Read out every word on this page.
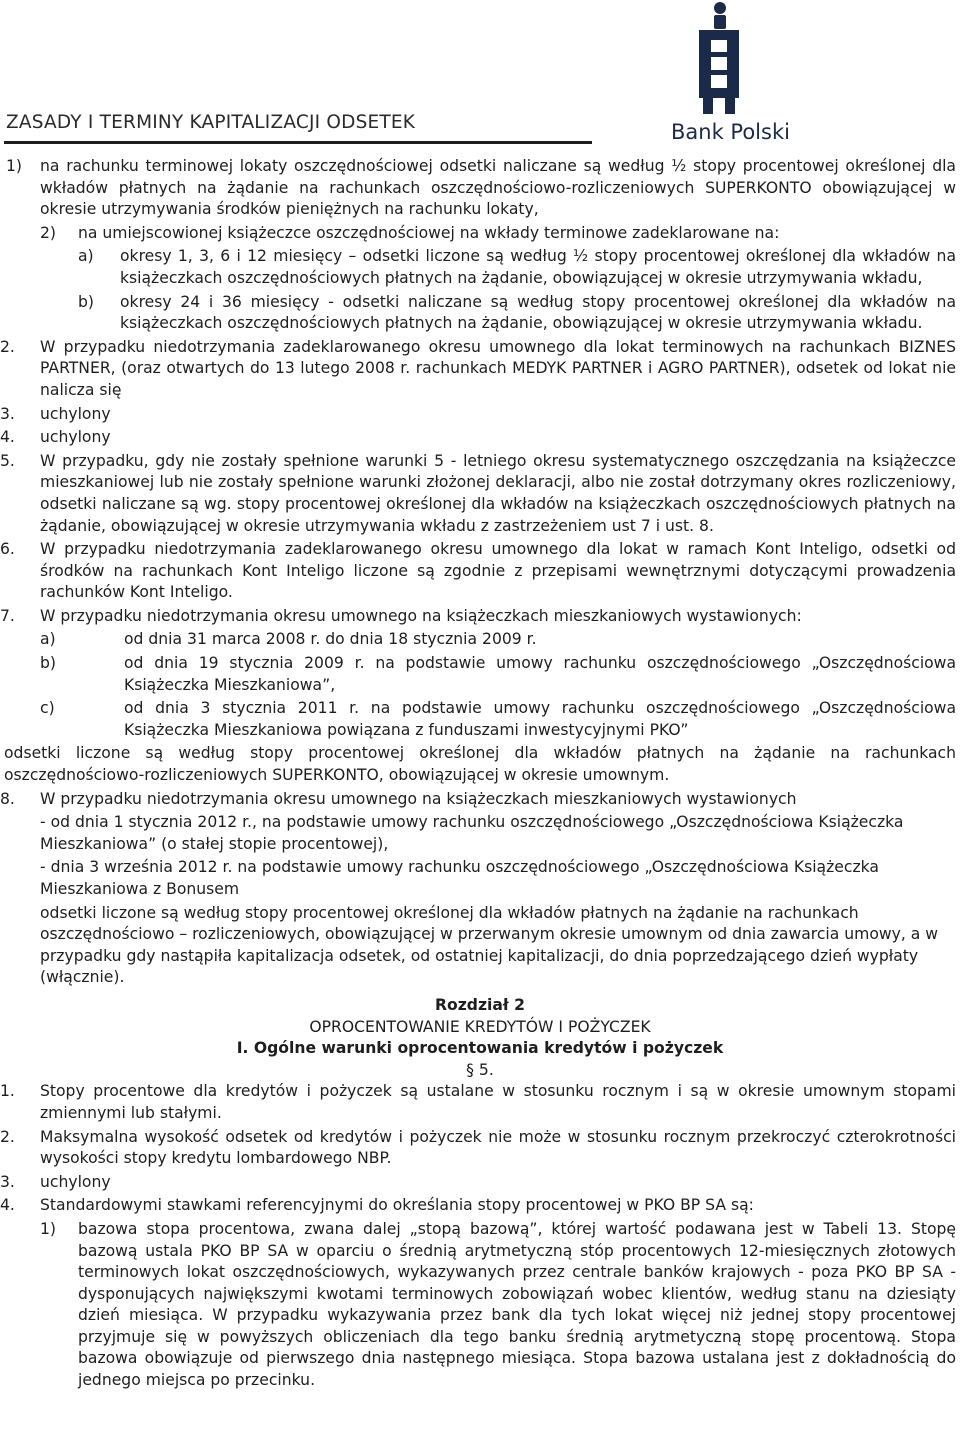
ZASADY I TERMINY KAPITALIZACJI ODSETEK	Bank Polski
1) na rachunku terminowej lokaty oszczędnościowej odsetki naliczane są według ½ stopy procentowej określonej dla wkładów płatnych na żądanie na rachunkach oszczędnościowo-rozliczeniowych SUPERKONTO obowiązującej w okresie utrzymywania środków pieniężnych na rachunku lokaty,
2) na umiejscowionej książeczce oszczędnościowej na wkłady terminowe zadeklarowane na:
a) okresy 1, 3, 6 i 12 miesięcy – odsetki liczone są według ½ stopy procentowej określonej dla wkładów na książeczkach oszczędnościowych płatnych na żądanie, obowiązującej w okresie utrzymywania wkładu,
b) okresy 24 i 36 miesięcy - odsetki naliczane są według stopy procentowej określonej dla wkładów na książeczkach oszczędnościowych płatnych na żądanie, obowiązującej w okresie utrzymywania wkładu.
2. W przypadku niedotrzymania zadeklarowanego okresu umownego dla lokat terminowych na rachunkach BIZNES PARTNER, (oraz otwartych do 13 lutego 2008 r. rachunkach MEDYK PARTNER i AGRO PARTNER), odsetek od lokat nie nalicza się
3. uchylony
4. uchylony
5. W przypadku, gdy nie zostały spełnione warunki 5 - letniego okresu systematycznego oszczędzania na książeczce mieszkaniowej lub nie zostały spełnione warunki złożonej deklaracji, albo nie został dotrzymany okres rozliczeniowy, odsetki naliczane są wg. stopy procentowej określonej dla wkładów na książeczkach oszczędnościowych płatnych na żądanie, obowiązującej w okresie utrzymywania wkładu z zastrzeżeniem ust 7 i ust. 8.
6. W przypadku niedotrzymania zadeklarowanego okresu umownego dla lokat w ramach Kont Inteligo, odsetki od środków na rachunkach Kont Inteligo liczone są zgodnie z przepisami wewnętrznymi dotyczącymi prowadzenia rachunków Kont Inteligo.
7. W przypadku niedotrzymania okresu umownego na książeczkach mieszkaniowych wystawionych:
a)	od dnia 31 marca 2008 r. do dnia 18 stycznia 2009 r.
b)	od dnia 19 stycznia 2009 r. na podstawie umowy rachunku oszczędnościowego „Oszczędnościowa Książeczka Mieszkaniowa”,
c)	od dnia 3 stycznia 2011 r. na podstawie umowy rachunku oszczędnościowego „Oszczędnościowa Książeczka Mieszkaniowa powiązana z funduszami inwestycyjnymi PKO”
odsetki liczone są według stopy procentowej określonej dla wkładów płatnych na żądanie na rachunkach oszczędnościowo-rozliczeniowych SUPERKONTO, obowiązującej w okresie umownym.
8. W przypadku niedotrzymania okresu umownego na książeczkach mieszkaniowych wystawionych
- od dnia 1 stycznia 2012 r., na podstawie umowy rachunku oszczędnościowego „Oszczędnościowa Książeczka Mieszkaniowa” (o stałej stopie procentowej),
- dnia 3 września 2012 r. na podstawie umowy rachunku oszczędnościowego „Oszczędnościowa Książeczka Mieszkaniowa z Bonusem
odsetki liczone są według stopy procentowej określonej dla wkładów płatnych na żądanie na rachunkach oszczędnościowo – rozliczeniowych, obowiązującej w przerwanym okresie umownym od dnia zawarcia umowy, a w przypadku gdy nastąpiła kapitalizacja odsetek, od ostatniej kapitalizacji, do dnia poprzedzającego dzień wypłaty (włącznie).
Rozdział 2
OPROCENTOWANIE KREDYTÓW I POŻYCZEK
I. Ogólne warunki oprocentowania kredytów i pożyczek
§ 5.
1. Stopy procentowe dla kredytów i pożyczek są ustalane w stosunku rocznym i są w okresie umownym stopami zmiennymi lub stałymi.
2. Maksymalna wysokość odsetek od kredytów i pożyczek nie może w stosunku rocznym przekroczyć czterokrotności wysokości stopy kredytu lombardowego NBP.
3. uchylony
4. Standardowymi stawkami referencyjnymi do określania stopy procentowej w PKO BP SA są:
1) bazowa stopa procentowa, zwana dalej „stopą bazową”, której wartość podawana jest w Tabeli 13. Stopę bazową ustala PKO BP SA w oparciu o średnią arytmetyczną stóp procentowych 12-miesięcznych złotowych terminowych lokat oszczędnościowych, wykazywanych przez centrale banków krajowych - poza PKO BP SA - dysponujących największymi kwotami terminowych zobowiązań wobec klientów, według stanu na dziesiąty dzień miesiąca. W przypadku wykazywania przez bank dla tych lokat więcej niż jednej stopy procentowej przyjmuje się w powyższych obliczeniach dla tego banku średnią arytmetyczną stopę procentową. Stopa bazowa obowiązuje od pierwszego dnia następnego miesiąca. Stopa bazowa ustalana jest z dokładnością do jednego miejsca po przecinku.
